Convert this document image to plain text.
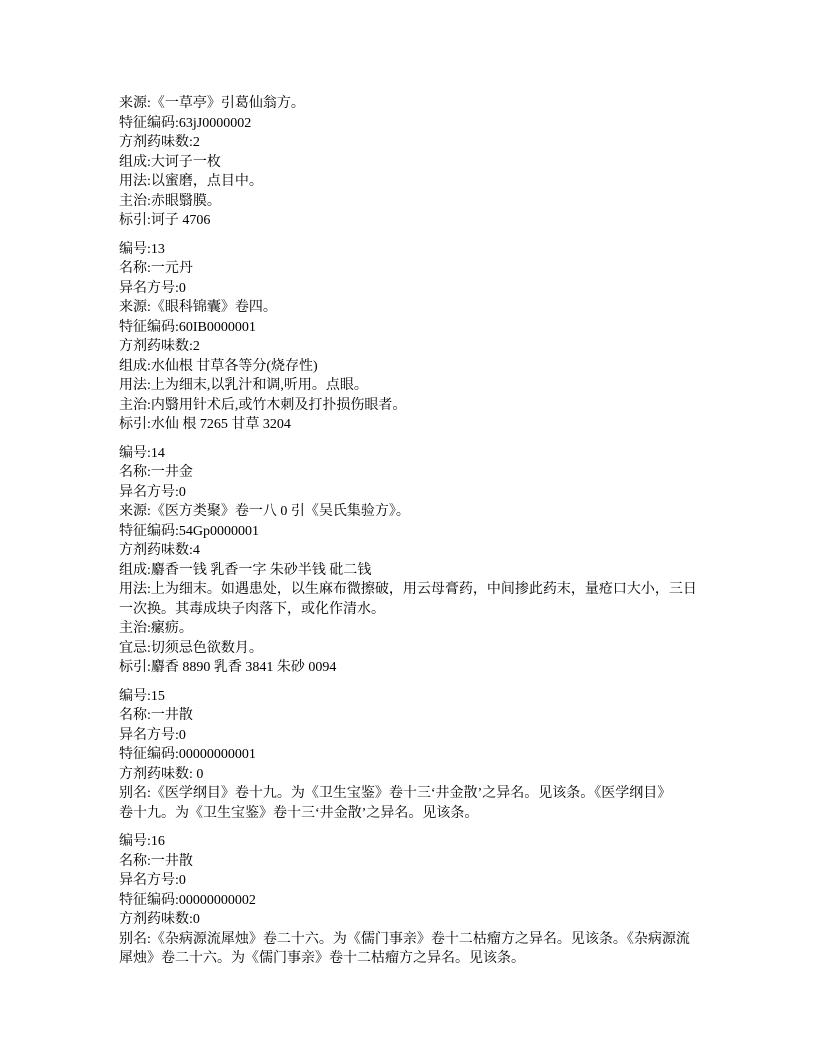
来源:《一草亭》引葛仙翁方。
特征编码:63jJ0000002
方剂药味数:2
组成:大诃子一枚
用法:以蜜磨，点目中。
主治:赤眼翳膜。
标引:诃子 4706
编号:13
名称:一元丹
异名方号:0
来源:《眼科锦囊》卷四。
特征编码:60IB0000001
方剂药味数:2
组成:水仙根 甘草各等分(烧存性)
用法:上为细末,以乳汁和调,听用。点眼。
主治:内翳用针术后,或竹木刺及打扑损伤眼者。
标引:水仙 根 7265 甘草 3204
编号:14
名称:一井金
异名方号:0
来源:《医方类聚》卷一八 0 引《吴氏集验方》。
特征编码:54Gp0000001
方剂药味数:4
组成:麝香一钱 乳香一字 朱砂半钱 砒二钱
用法:上为细末。如遇患处，以生麻布微擦破，用云母膏药，中间掺此药末，量疮口大小，三日
一次换。其毒成块子肉落下，或化作清水。
主治:瘰疬。
宜忌:切须忌色欲数月。
标引:麝香 8890 乳香 3841 朱砂 0094
编号:15
名称:一井散
异名方号:0
特征编码:00000000001
方剂药味数: 0
别名:《医学纲目》卷十九。为《卫生宝鉴》卷十三‘井金散’之异名。见该条。《医学纲目》
卷十九。为《卫生宝鉴》卷十三‘井金散’之异名。见该条。
编号:16
名称:一井散
异名方号:0
特征编码:00000000002
方剂药味数:0
别名:《杂病源流犀烛》卷二十六。为《儒门事亲》卷十二枯瘤方之异名。见该条。《杂病源流
犀烛》卷二十六。为《儒门事亲》卷十二枯瘤方之异名。见该条。
